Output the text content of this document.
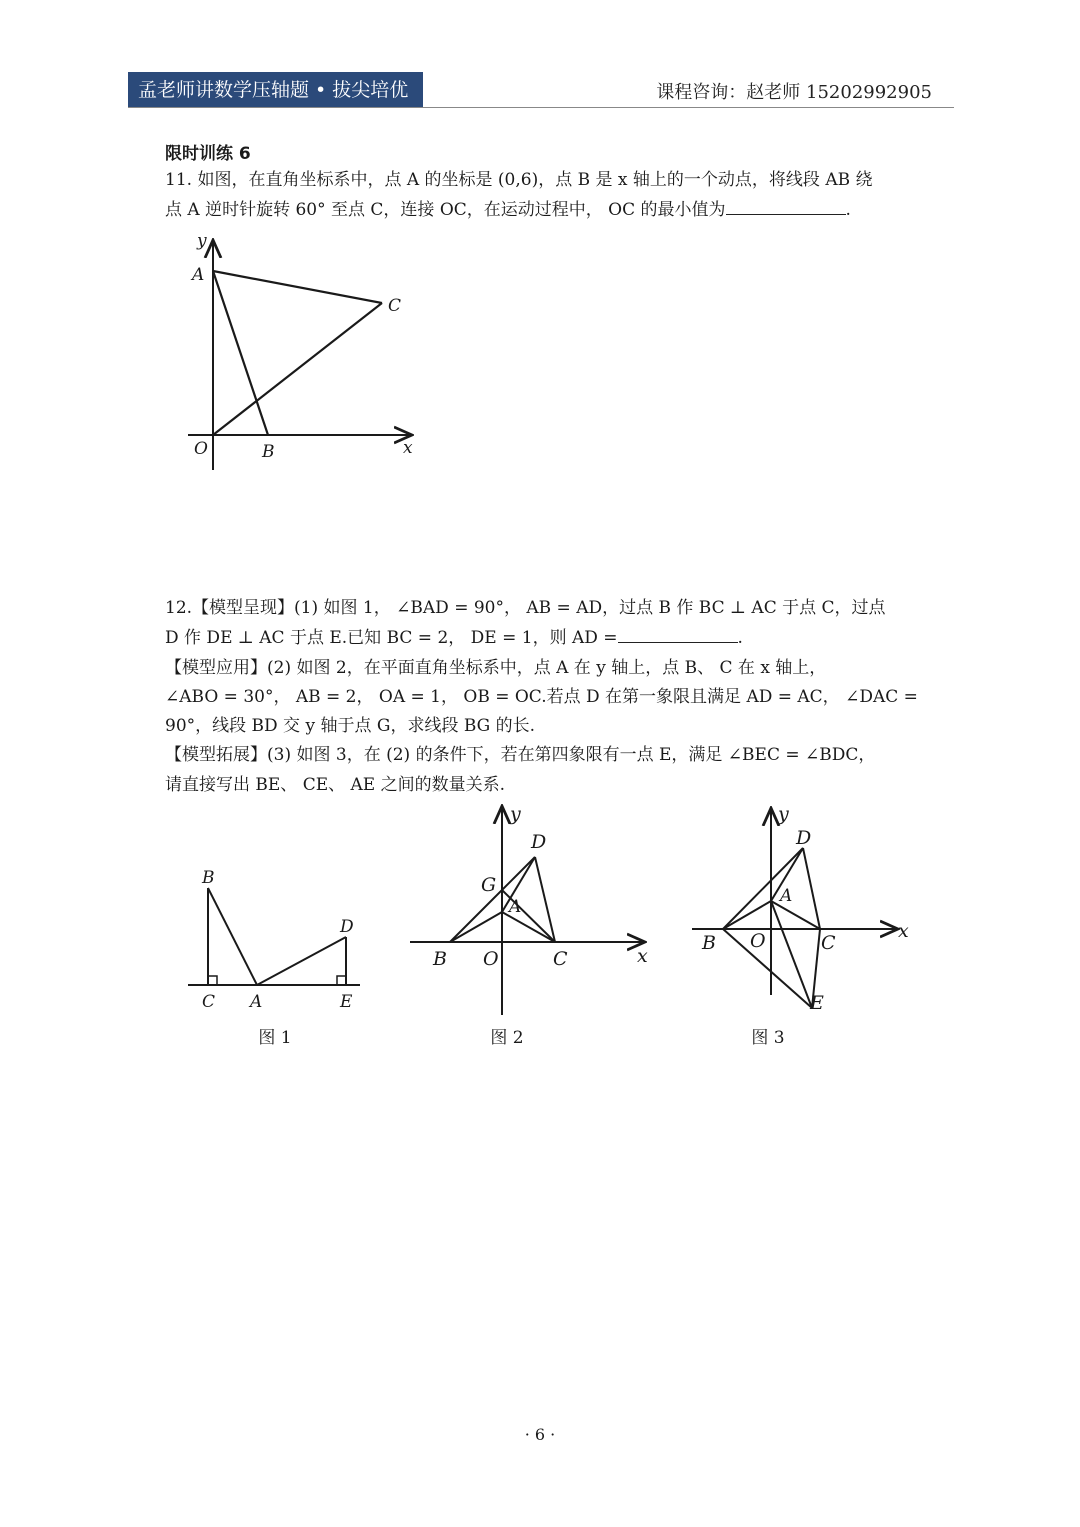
孟老师讲数学压轴题 • 拔尖培优	课程咨询：赵老师 15202992905
限时训练 6

11. 如图，在直角坐标系中，点 A 的坐标是 (0,6)，点 B 是 x 轴上的一个动点，将线段 AB 绕

点 A 逆时针旋转 60° 至点 C，连接 OC，在运动过程中， OC 的最小值为	.

y
x
A
C
O	B

12.【模型呈现】(1) 如图 1， ∠BAD = 90°， AB = AD，过点 B 作 BC ⊥ AC 于点 C，过点

D 作 DE ⊥ AC 于点 E.已知 BC = 2， DE = 1，则 AD =	.

【模型应用】(2) 如图 2，在平面直角坐标系中，点 A 在 y 轴上，点 B、 C 在 x 轴上，

∠ABO = 30°， AB = 2， OA = 1， OB = OC.若点 D 在第一象限且满足 AD = AC， ∠DAC =

90°，线段 BD 交 y 轴于点 G，求线段 BG 的长.

【模型拓展】(3) 如图 3，在 (2) 的条件下，若在第四象限有一点 E，满足 ∠BEC = ∠BDC，

请直接写出 BE、 CE、 AE 之间的数量关系.

B
D
C A	E
图 1
y
x
D
G
A
B O	C
图 2
y
x
D
A
B O	C
E
图 3
· 6 ·
